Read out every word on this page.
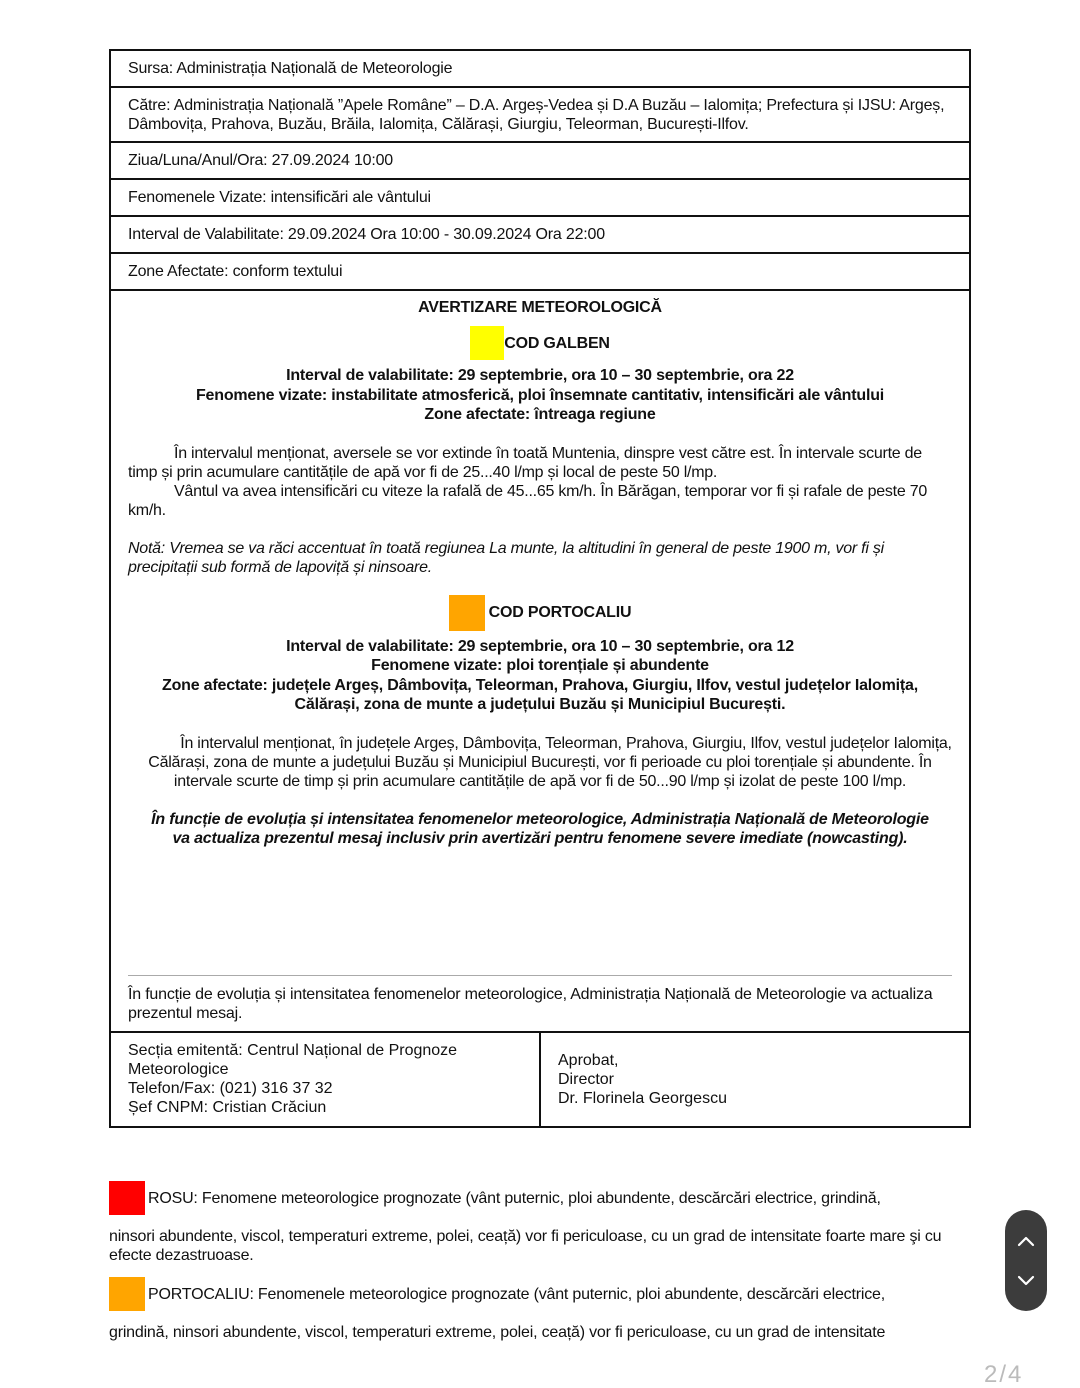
Sursa: Administrația Națională de Meteorologie
Către: Administrația Națională ”Apele Române” – D.A. Argeș-Vedea și D.A Buzău – Ialomița; Prefectura și IJSU: Argeș, Dâmbovița, Prahova, Buzău, Brăila, Ialomița, Călărași, Giurgiu, Teleorman, București-Ilfov.
Ziua/Luna/Anul/Ora: 27.09.2024 10:00
Fenomenele Vizate: intensificări ale vântului
Interval de Valabilitate: 29.09.2024 Ora 10:00 - 30.09.2024 Ora 22:00
Zone Afectate: conform textului
AVERTIZARE METEOROLOGICĂ
COD GALBEN
Interval de valabilitate: 29 septembrie, ora 10 – 30 septembrie, ora 22
Fenomene vizate: instabilitate atmosferică, ploi însemnate cantitativ, intensificări ale vântului
Zone afectate: întreaga regiune
În intervalul menționat, aversele se vor extinde în toată Muntenia, dinspre vest către est. În intervale scurte de timp și prin acumulare cantitățile de apă vor fi de 25...40 l/mp și local de peste 50 l/mp.
Vântul va avea intensificări cu viteze la rafală de 45...65 km/h. În Bărăgan, temporar vor fi și rafale de peste 70 km/h.
Notă: Vremea se va răci accentuat în toată regiunea La munte, la altitudini în general de peste 1900 m, vor fi și precipitații sub formă de lapoviță și ninsoare.
COD PORTOCALIU
Interval de valabilitate: 29 septembrie, ora 10 – 30 septembrie, ora 12
Fenomene vizate: ploi torențiale și abundente
Zone afectate: județele Argeș, Dâmbovița, Teleorman, Prahova, Giurgiu, Ilfov, vestul județelor Ialomița, Călărași, zona de munte a județului Buzău și Municipiul București.
În intervalul menționat, în județele Argeș, Dâmbovița, Teleorman, Prahova, Giurgiu, Ilfov, vestul județelor Ialomița, Călărași, zona de munte a județului Buzău și Municipiul București, vor fi perioade cu ploi torențiale și abundente. În intervale scurte de timp și prin acumulare cantitățile de apă vor fi de 50...90 l/mp și izolat de peste 100 l/mp.
În funcție de evoluția și intensitatea fenomenelor meteorologice, Administrația Națională de Meteorologie va actualiza prezentul mesaj inclusiv prin avertizări pentru fenomene severe imediate (nowcasting).
În funcție de evoluția și intensitatea fenomenelor meteorologice, Administrația Națională de Meteorologie va actualiza prezentul mesaj.
Secția emitentă: Centrul Național de Prognoze Meteorologice
Telefon/Fax: (021) 316 37 32
Șef CNPM: Cristian Crăciun
Aprobat,
Director
Dr. Florinela Georgescu
ROSU: Fenomene meteorologice prognozate (vânt puternic, ploi abundente, descărcări electrice, grindină,
ninsori abundente, viscol, temperaturi extreme, polei, ceață) vor fi periculoase, cu un grad de intensitate foarte mare şi cu efecte dezastruoase.
PORTOCALIU: Fenomenele meteorologice prognozate (vânt puternic, ploi abundente, descărcări electrice,
grindină, ninsori abundente, viscol, temperaturi extreme, polei, ceață) vor fi periculoase, cu un grad de intensitate
2/4
